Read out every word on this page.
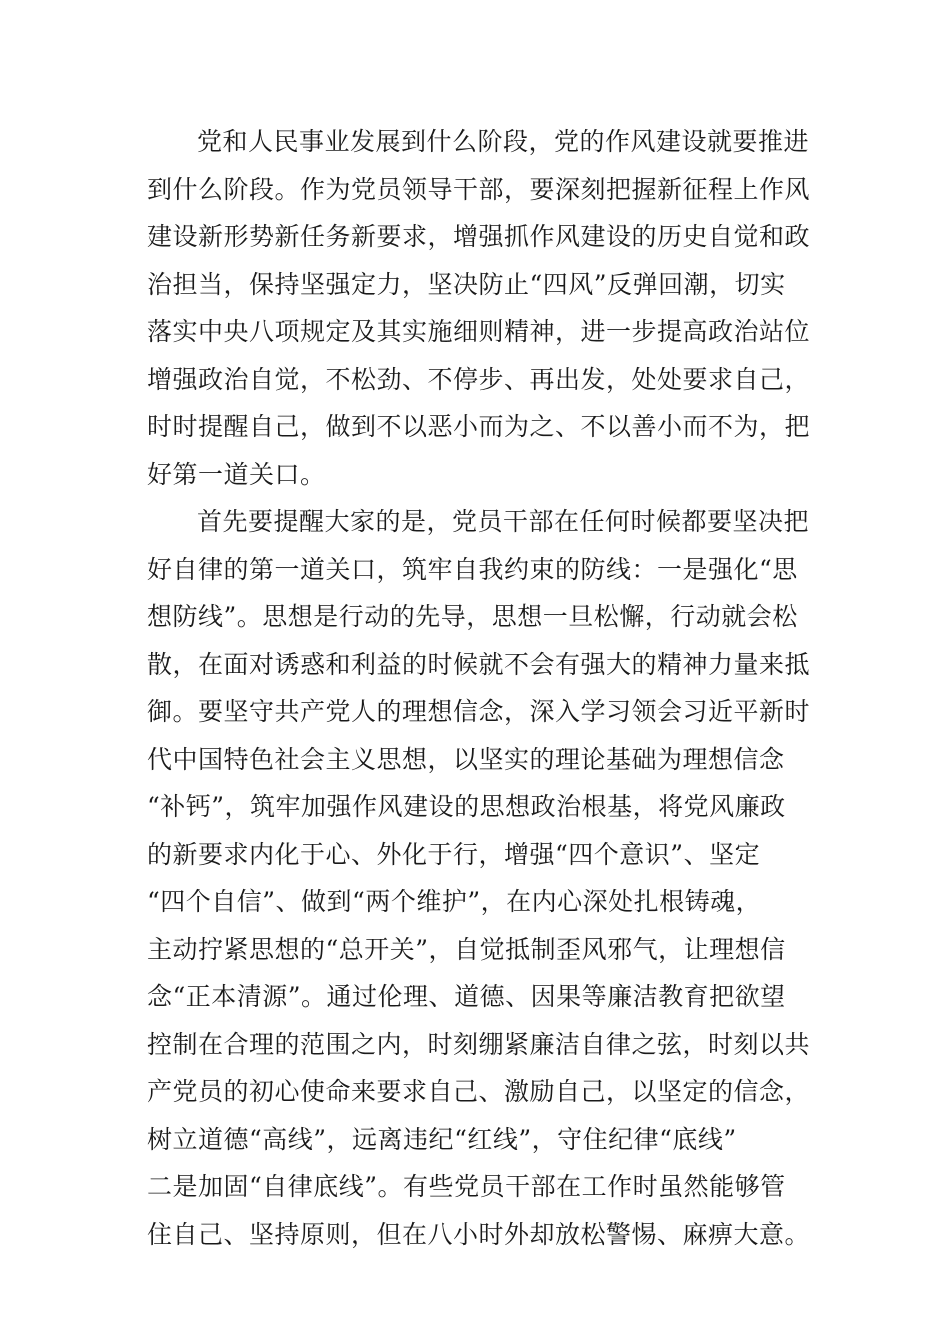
党和人民事业发展到什么阶段，党的作风建设就要推进
到什么阶段。作为党员领导干部，要深刻把握新征程上作风
建设新形势新任务新要求，增强抓作风建设的历史自觉和政
治担当，保持坚强定力，坚决防止“四风”反弹回潮，切实
落实中央八项规定及其实施细则精神，进一步提高政治站位
增强政治自觉，不松劲、不停步、再出发，处处要求自己，
时时提醒自己，做到不以恶小而为之、不以善小而不为，把
好第一道关口。
首先要提醒大家的是，党员干部在任何时候都要坚决把
好自律的第一道关口，筑牢自我约束的防线：一是强化“思
想防线”。思想是行动的先导，思想一旦松懈，行动就会松
散，在面对诱惑和利益的时候就不会有强大的精神力量来抵
御。要坚守共产党人的理想信念，深入学习领会习近平新时
代中国特色社会主义思想，以坚实的理论基础为理想信念
“补钙”，筑牢加强作风建设的思想政治根基，将党风廉政
的新要求内化于心、外化于行，增强“四个意识”、坚定
“四个自信”、做到“两个维护”，在内心深处扎根铸魂，
主动拧紧思想的“总开关”，自觉抵制歪风邪气，让理想信
念“正本清源”。通过伦理、道德、因果等廉洁教育把欲望
控制在合理的范围之内，时刻绷紧廉洁自律之弦，时刻以共
产党员的初心使命来要求自己、激励自己，以坚定的信念，
树立道德“高线”，远离违纪“红线”，守住纪律“底线”
二是加固“自律底线”。有些党员干部在工作时虽然能够管
住自己、坚持原则，但在八小时外却放松警惕、麻痹大意。
